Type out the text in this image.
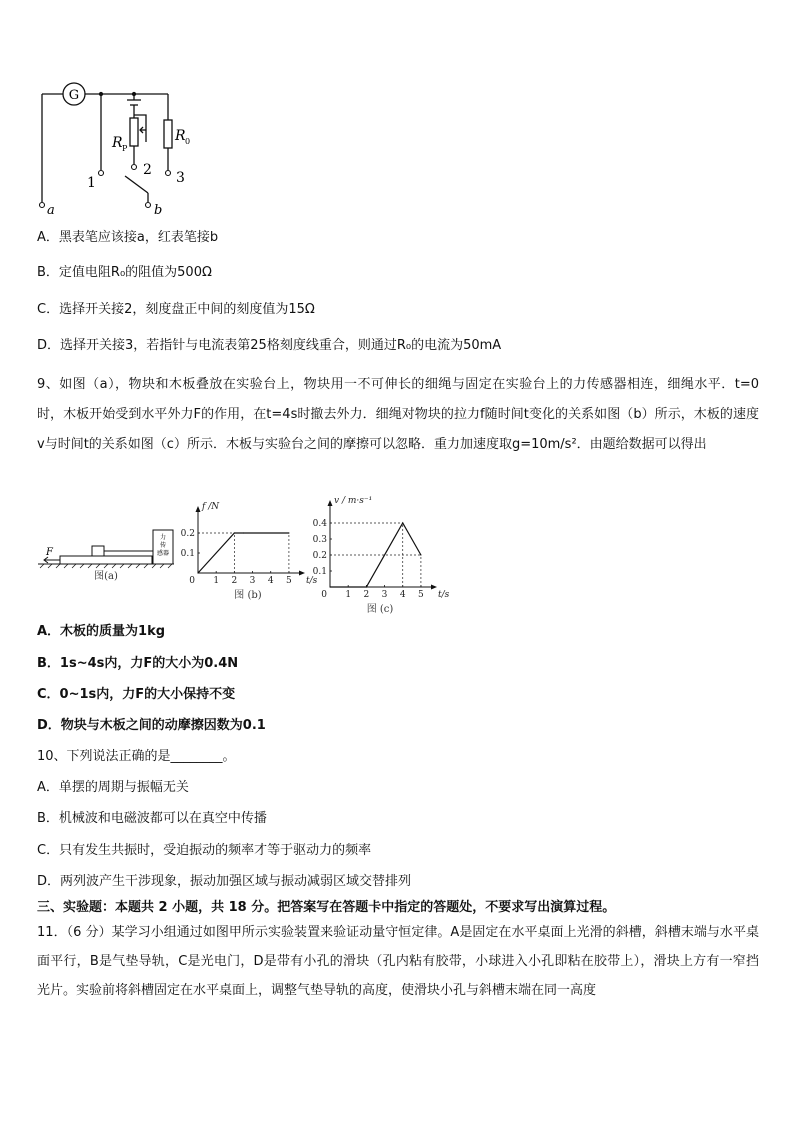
G
R P
R 0
1
2 3
a	b
A．黑表笔应该接a，红表笔接b
B．定值电阻R₀的阻值为500Ω
C．选择开关接2，刻度盘正中间的刻度值为15Ω
D．选择开关接3，若指针与电流表第25格刻度线重合，则通过R₀的电流为50mA
9、如图（a），物块和木板叠放在实验台上，物块用一不可伸长的细绳与固定在实验台上的力传感器相连，细绳水平．t=0时，木板开始受到水平外力F的作用，在t=4s时撤去外力．细绳对物块的拉力f随时间t变化的关系如图（b）所示，木板的速度v与时间t的关系如图（c）所示．木板与实验台之间的摩擦可以忽略．重力加速度取g=10m/s²．由题给数据可以得出
F
力
传
感器
图(a)	1 2 3 4 5
0.1
0.2
0
f /N
t/s
图 (b)	1 2 3 4 5
0.1
0.2
0.3
0.4
0
v / m·s⁻¹
t/s
图 (c)
A．木板的质量为1kg
B．1s~4s内，力F的大小为0.4N
C．0~1s内，力F的大小保持不变
D．物块与木板之间的动摩擦因数为0.1
10、下列说法正确的是________。
A．单摆的周期与振幅无关
B．机械波和电磁波都可以在真空中传播
C．只有发生共振时，受迫振动的频率才等于驱动力的频率
D．两列波产生干涉现象，振动加强区域与振动减弱区域交替排列
三、实验题：本题共 2 小题，共 18 分。把答案写在答题卡中指定的答题处，不要求写出演算过程。
11．（6 分）某学习小组通过如图甲所示实验装置来验证动量守恒定律。A是固定在水平桌面上光滑的斜槽，斜槽末端与水平桌面平行，B是气垫导轨，C是光电门，D是带有小孔的滑块（孔内粘有胶带，小球进入小孔即粘在胶带上），滑块上方有一窄挡光片。实验前将斜槽固定在水平桌面上，调整气垫导轨的高度，使滑块小孔与斜槽末端在同一高度
